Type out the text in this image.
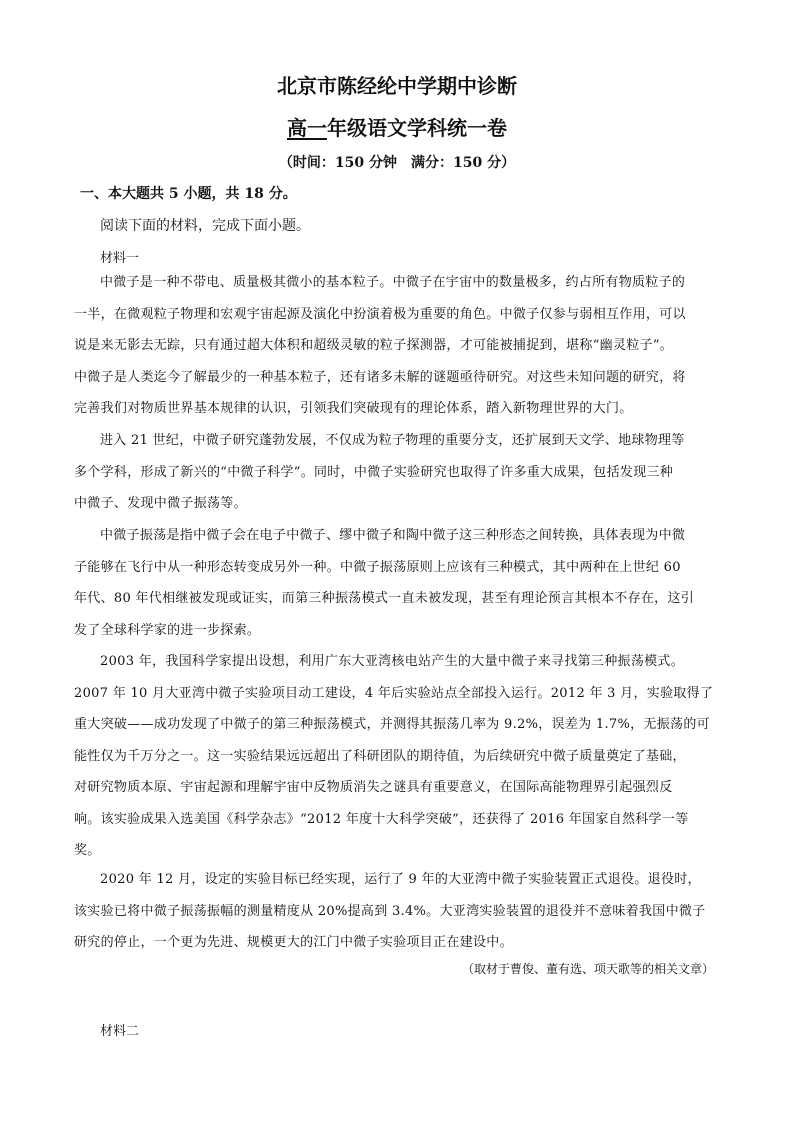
北京市陈经纶中学期中诊断
高一年级语文学科统一卷
（时间：150 分钟　满分：150 分）
一、本大题共 5 小题，共 18 分。
阅读下面的材料，完成下面小题。
材料一
中微子是一种不带电、质量极其微小的基本粒子。中微子在宇宙中的数量极多，约占所有物质粒子的
一半，在微观粒子物理和宏观宇宙起源及演化中扮演着极为重要的角色。中微子仅参与弱相互作用，可以
说是来无影去无踪，只有通过超大体积和超级灵敏的粒子探测器，才可能被捕捉到，堪称“幽灵粒子”。
中微子是人类迄今了解最少的一种基本粒子，还有诸多未解的谜题亟待研究。对这些未知问题的研究，将
完善我们对物质世界基本规律的认识，引领我们突破现有的理论体系，踏入新物理世界的大门。
进入 21 世纪，中微子研究蓬勃发展，不仅成为粒子物理的重要分支，还扩展到天文学、地球物理等
多个学科，形成了新兴的“中微子科学”。同时，中微子实验研究也取得了许多重大成果，包括发现三种
中微子、发现中微子振荡等。
中微子振荡是指中微子会在电子中微子、缪中微子和陶中微子这三种形态之间转换，具体表现为中微
子能够在飞行中从一种形态转变成另外一种。中微子振荡原则上应该有三种模式，其中两种在上世纪 60
年代、80 年代相继被发现或证实，而第三种振荡模式一直未被发现，甚至有理论预言其根本不存在，这引
发了全球科学家的进一步探索。
2003 年，我国科学家提出设想，利用广东大亚湾核电站产生的大量中微子来寻找第三种振荡模式。
2007 年 10 月大亚湾中微子实验项目动工建设，4 年后实验站点全部投入运行。2012 年 3 月，实验取得了
重大突破——成功发现了中微子的第三种振荡模式，并测得其振荡几率为 9.2%，误差为 1.7%，无振荡的可
能性仅为千万分之一。这一实验结果远远超出了科研团队的期待值，为后续研究中微子质量奠定了基础，
对研究物质本原、宇宙起源和理解宇宙中反物质消失之谜具有重要意义，在国际高能物理界引起强烈反
响。该实验成果入选美国《科学杂志》“2012 年度十大科学突破”，还获得了 2016 年国家自然科学一等
奖。
2020 年 12 月，设定的实验目标已经实现，运行了 9 年的大亚湾中微子实验装置正式退役。退役时，
该实验已将中微子振荡振幅的测量精度从 20%提高到 3.4%。大亚湾实验装置的退役并不意味着我国中微子
研究的停止，一个更为先进、规模更大的江门中微子实验项目正在建设中。
（取材于曹俊、董有选、项天歌等的相关文章）
材料二
